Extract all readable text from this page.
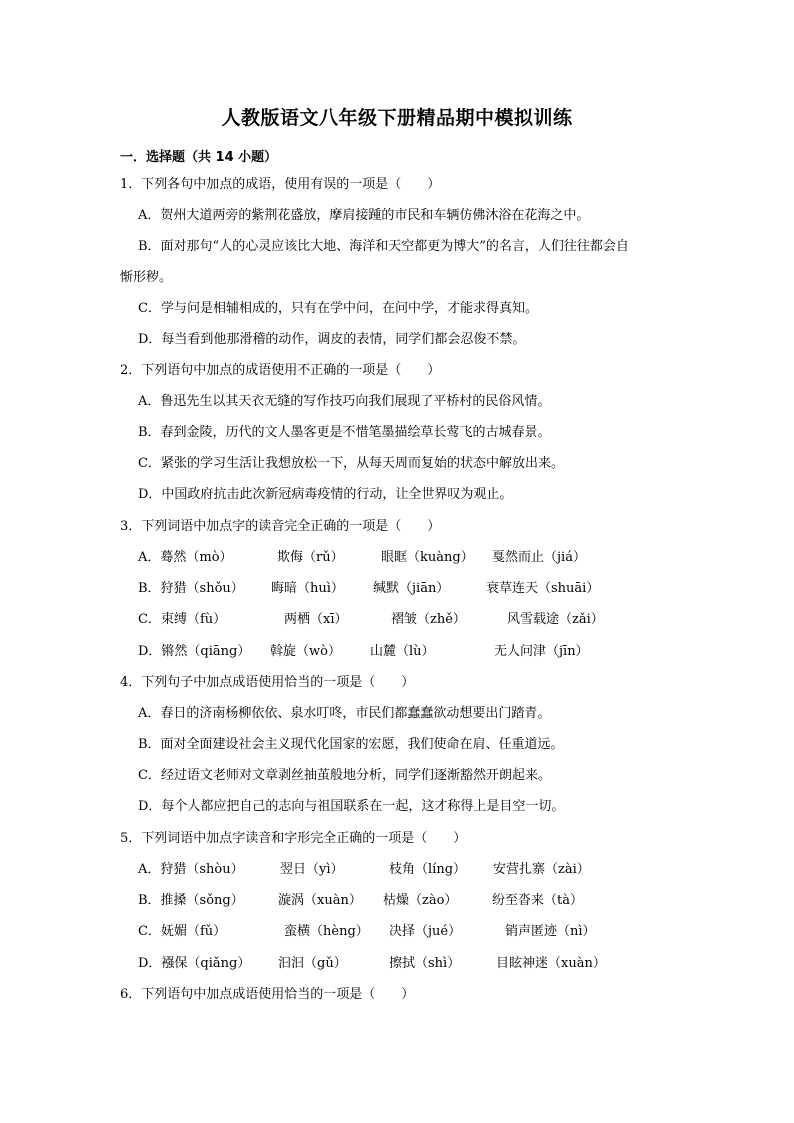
人教版语文八年级下册精品期中模拟训练
一．选择题（共 14 小题）
1．下列各句中加点的成语，使用有误的一项是（　　）
A．贺州大道两旁的紫荆花盛放，摩肩接踵的市民和车辆仿佛沐浴在花海之中。
B．面对那句“人的心灵应该比大地、海洋和天空都更为博大”的名言，人们往往都会自
惭形秽。
C．学与问是相辅相成的，只有在学中问，在问中学，才能求得真知。
D．每当看到他那滑稽的动作，调皮的表情，同学们都会忍俊不禁。
2．下列语句中加点的成语使用不正确的一项是（　　）
A．鲁迅先生以其天衣无缝的写作技巧向我们展现了平桥村的民俗风情。
B．春到金陵，历代的文人墨客更是不惜笔墨描绘草长莺飞的古城春景。
C．紧张的学习生活让我想放松一下，从每天周而复始的状态中解放出来。
D．中国政府抗击此次新冠病毒疫情的行动，让全世界叹为观止。
3．下列词语中加点字的读音完全正确的一项是（　　）
A．蓦然（mò）	欺侮（rǔ）	眼眶（kuàng） 戛然而止（jiá）
B．狩猎（shǒu） 晦暗（huì） 缄默（jiān）	衰草连天（shuāi）
C．束缚（fù）	两栖（xī）	褶皱（zhě）	风雪载途（zǎi）
D．锵然（qiāng） 斡旋（wò） 山麓（lù）	无人问津（jīn）
4．下列句子中加点成语使用恰当的一项是（　　）
A．春日的济南杨柳依依、泉水叮咚，市民们都蠢蠢欲动想要出门踏青。
B．面对全面建设社会主义现代化国家的宏愿，我们使命在肩、任重道远。
C．经过语文老师对文章剥丝抽茧般地分析，同学们逐渐豁然开朗起来。
D．每个人都应把自己的志向与祖国联系在一起，这才称得上是目空一切。
5．下列词语中加点字读音和字形完全正确的一项是（　　）
A．狩猎（shòu）	翌日（yì）	枝角（líng） 安营扎寨（zài）
B．推搡（sǒng）	漩涡（xuàn） 枯燥（zào）	纷至沓来（tà）
C．妩媚（fǔ）	蛮横（hèng） 决择（jué）	销声匿迹（nì）
D．襁保（qiǎng） 汩汩（gǔ）	擦拭（shì）	目眩神迷（xuàn）
6．下列语句中加点成语使用恰当的一项是（　　）
